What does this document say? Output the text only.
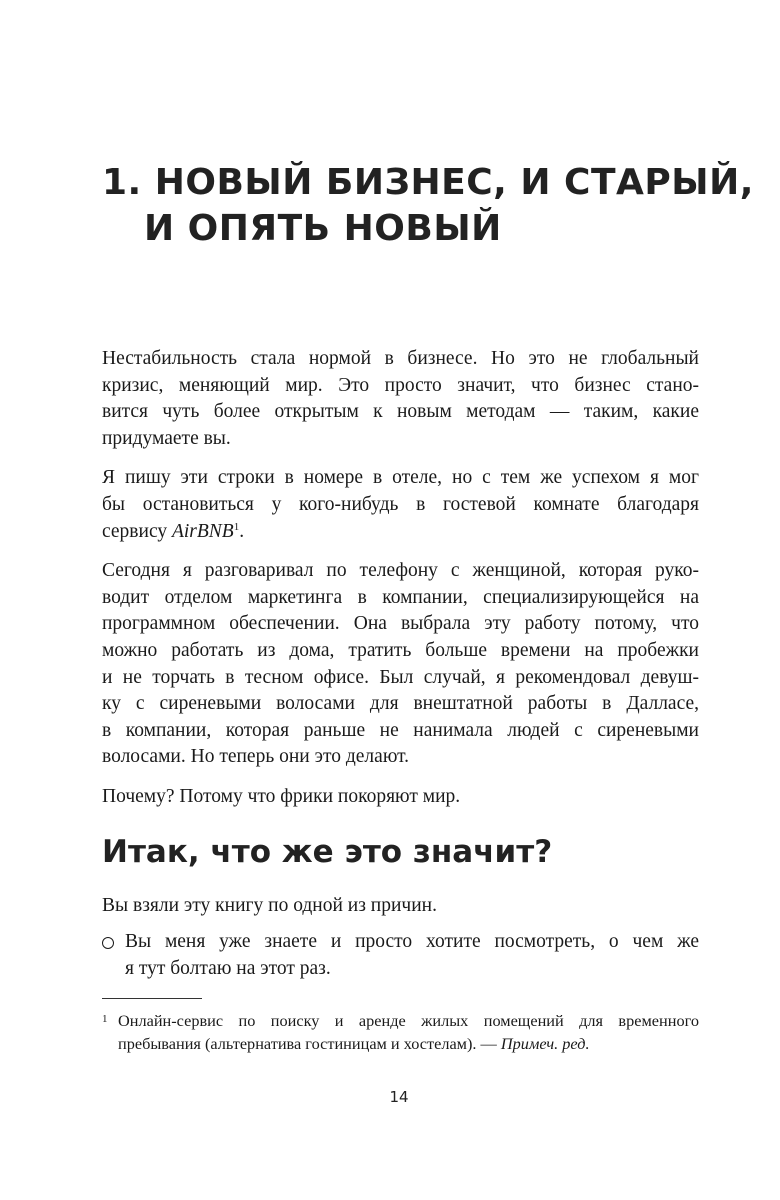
1. НОВЫЙ БИЗНЕС, И СТАРЫЙ,
И ОПЯТЬ НОВЫЙ

Нестабильность стала нормой в бизнесе. Но это не глобальный
кризис, меняющий мир. Это просто значит, что бизнес стано-
вится чуть более открытым к новым методам — таким, какие
придумаете вы.

Я пишу эти строки в номере в отеле, но с тем же успехом я мог
бы остановиться у кого-нибудь в гостевой комнате благодаря
сервису AirBNB$^1$.

Сегодня я разговаривал по телефону с женщиной, которая руко-
водит отделом маркетинга в компании, специализирующейся на
программном обеспечении. Она выбрала эту работу потому, что
можно работать из дома, тратить больше времени на пробежки
и не торчать в тесном офисе. Был случай, я рекомендовал девуш-
ку с сиреневыми волосами для внештатной работы в Далласе,
в компании, которая раньше не нанимала людей с сиреневыми
волосами. Но теперь они это делают.

Почему? Потому что фрики покоряют мир.

Итак, что же это значит?
Вы взяли эту книгу по одной из причин.
Вы меня уже знаете и просто хотите посмотреть, о чем же
я тут болтаю на этот раз.
1 Онлайн-сервис по поиску и аренде жилых помещений для временного
пребывания (альтернатива гостиницам и хостелам). — Примеч. ред.
14
